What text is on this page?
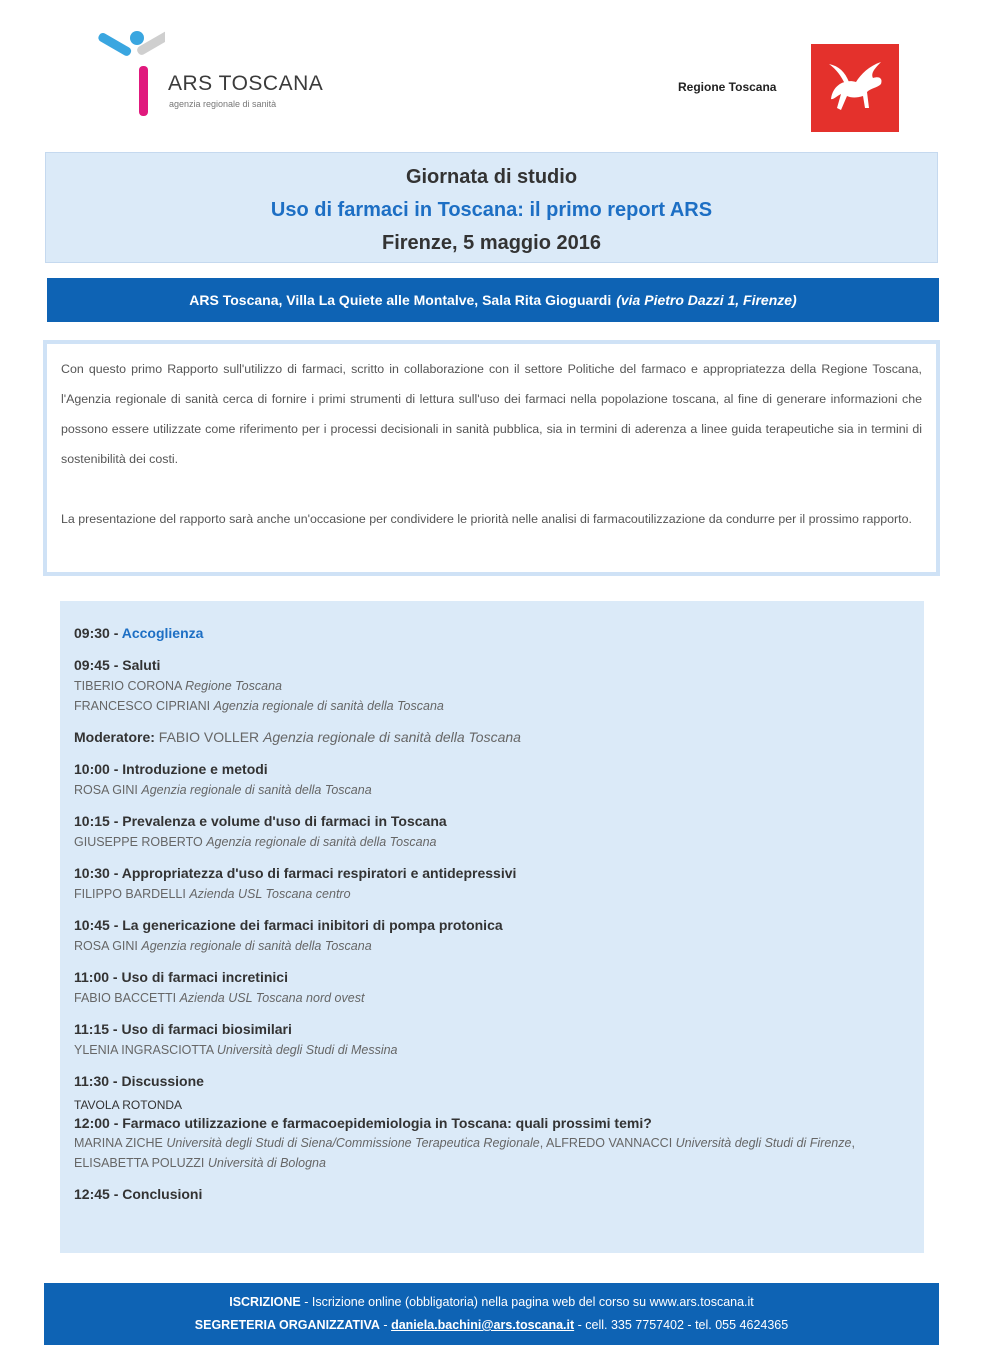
ARS TOSCANA
agenzia regionale di sanità
Regione Toscana
Giornata di studio
Uso di farmaci in Toscana: il primo report ARS
Firenze, 5 maggio 2016
ARS Toscana, Villa La Quiete alle Montalve, Sala Rita Gioguardi (via Pietro Dazzi 1, Firenze)

Con questo primo Rapporto sull'utilizzo di farmaci, scritto in collaborazione con il settore Politiche del farmaco e appropriatezza della Regione Toscana, l'Agenzia regionale di sanità cerca di fornire i primi strumenti di lettura sull'uso dei farmaci nella popolazione toscana, al fine di generare informazioni che possono essere utilizzate come riferimento per i processi decisionali in sanità pubblica, sia in termini di aderenza a linee guida terapeutiche sia in termini di sostenibilità dei costi.

La presentazione del rapporto sarà anche un'occasione per condividere le priorità nelle analisi di farmacoutilizzazione da condurre per il prossimo rapporto.

09:30 - Accoglienza
09:45 - Saluti
TIBERIO CORONA Regione Toscana
FRANCESCO CIPRIANI Agenzia regionale di sanità della Toscana
Moderatore: FABIO VOLLER Agenzia regionale di sanità della Toscana
10:00 - Introduzione e metodi
ROSA GINI Agenzia regionale di sanità della Toscana
10:15 - Prevalenza e volume d'uso di farmaci in Toscana
GIUSEPPE ROBERTO Agenzia regionale di sanità della Toscana
10:30 - Appropriatezza d'uso di farmaci respiratori e antidepressivi
FILIPPO BARDELLI Azienda USL Toscana centro
10:45 - La genericazione dei farmaci inibitori di pompa protonica
ROSA GINI Agenzia regionale di sanità della Toscana
11:00 - Uso di farmaci incretinici
FABIO BACCETTI Azienda USL Toscana nord ovest
11:15 - Uso di farmaci biosimilari
YLENIA INGRASCIOTTA Università degli Studi di Messina
11:30 - Discussione
TAVOLA ROTONDA
12:00 - Farmaco utilizzazione e farmacoepidemiologia in Toscana: quali prossimi temi?
MARINA ZICHE Università degli Studi di Siena/Commissione Terapeutica Regionale, ALFREDO VANNACCI Università degli Studi di Firenze, ELISABETTA POLUZZI Università di Bologna
12:45 - Conclusioni
ISCRIZIONE - Iscrizione online (obbligatoria) nella pagina web del corso su www.ars.toscana.it
SEGRETERIA ORGANIZZATIVA - daniela.bachini@ars.toscana.it - cell. 335 7757402 - tel. 055 4624365
